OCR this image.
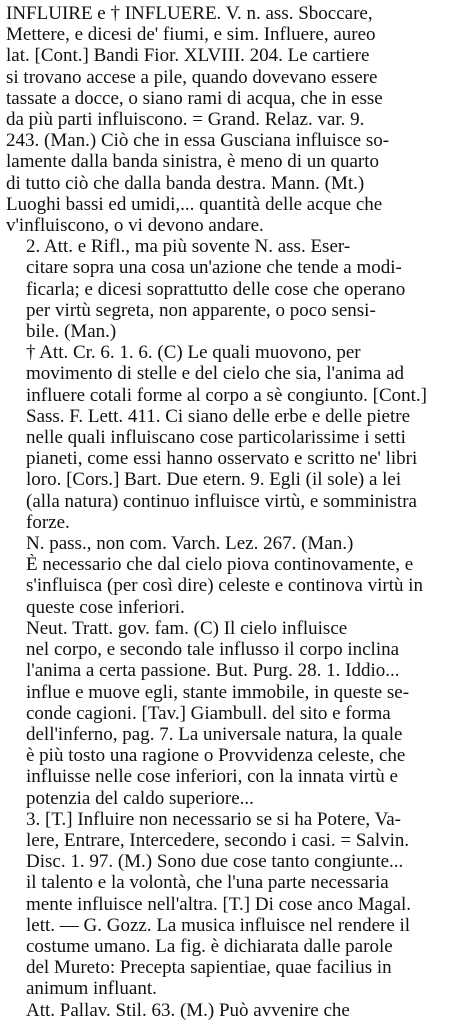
INFLUIRE e † INFLUERE. V. n. ass. Sboccare,
Mettere, e dicesi de' fiumi, e sim. Influere, aureo
lat. [Cont.] Bandi Fior. XLVIII. 204. Le cartiere
si trovano accese a pile, quando dovevano essere
tassate a docce, o siano rami di acqua, che in esse
da più parti influiscono. = Grand. Relaz. var. 9.
243. (Man.) Ciò che in essa Gusciana influisce so-
lamente dalla banda sinistra, è meno di un quarto
di tutto ciò che dalla banda destra. Mann. (Mt.)
Luoghi bassi ed umidi,... quantità delle acque che
v'influiscono, o vi devono andare.

2. Att. e Rifl., ma più sovente N. ass. Eser-
citare sopra una cosa un'azione che tende a modi-
ficarla; e dicesi soprattutto delle cose che operano
per virtù segreta, non apparente, o poco sensi-
bile. (Man.)

† Att. Cr. 6. 1. 6. (C) Le quali muovono, per
movimento di stelle e del cielo che sia, l'anima ad
influere cotali forme al corpo a sè congiunto. [Cont.]
Sass. F. Lett. 411. Ci siano delle erbe e delle pietre
nelle quali influiscano cose particolarissime i setti
pianeti, come essi hanno osservato e scritto ne' libri
loro. [Cors.] Bart. Due etern. 9. Egli (il sole) a lei
(alla natura) continuo influisce virtù, e somministra
forze.

N. pass., non com. Varch. Lez. 267. (Man.)
È necessario che dal cielo piova continovamente, e
s'influisca (per così dire) celeste e continova virtù in
queste cose inferiori.

Neut. Tratt. gov. fam. (C) Il cielo influisce
nel corpo, e secondo tale influsso il corpo inclina
l'anima a certa passione. But. Purg. 28. 1. Iddio...
influe e muove egli, stante immobile, in queste se-
conde cagioni. [Tav.] Giambull. del sito e forma
dell'inferno, pag. 7. La universale natura, la quale
è più tosto una ragione o Provvidenza celeste, che
influisse nelle cose inferiori, con la innata virtù e
potenzia del caldo superiore...

3. [T.] Influire non necessario se si ha Potere, Va-
lere, Entrare, Intercedere, secondo i casi. = Salvin.
Disc. 1. 97. (M.) Sono due cose tanto congiunte...
il talento e la volontà, che l'una parte necessaria
mente influisce nell'altra. [T.] Di cose anco Magal.
lett. — G. Gozz. La musica influisce nel rendere il
costume umano. La fig. è dichiarata dalle parole
del Mureto: Precepta sapientiae, quae facilius in
animum influant.

Att. Pallav. Stil. 63. (M.) Può avvenire che
